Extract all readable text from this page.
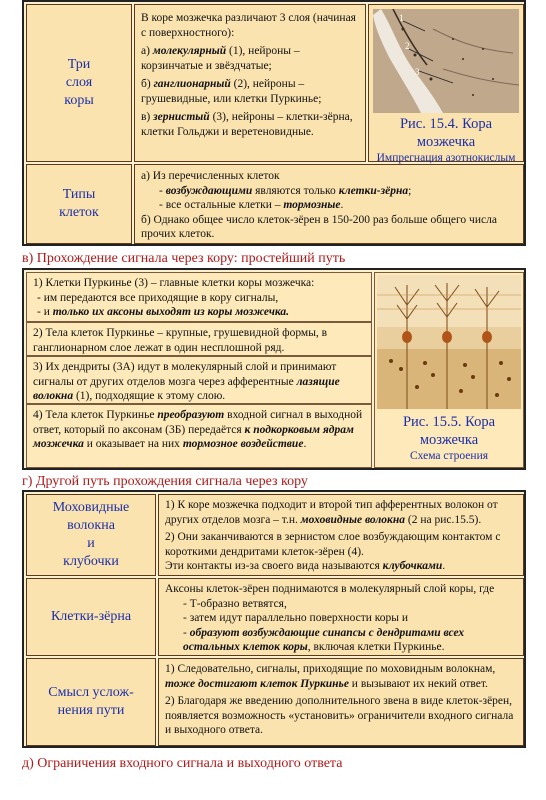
Три
слоя
коры

В коре мозжечка различают 3 слоя (начиная с поверхностного):

а) молекулярный (1), нейроны – корзинчатые и звёздчатые;

б) ганглионарный (2), нейроны – грушевидные, или клетки Пуркинье;

в) зернистый (3), нейроны – клетки-зёрна, клетки Гольджи и веретеновидные.

1
2
3
Рис. 15.4. Кора мозжечка
Импрегнация азотнокислым
Типы
клеток

а) Из перечисленных клеток

- возбуждающими являются только клетки-зёрна;

- все остальные клетки – тормозные.

б) Однако общее число клеток-зёрен в 150-200 раз больше общего числа прочих клеток.

в) Прохождение сигнала через кору: простейший путь

1) Клетки Пуркинье (3) – главные клетки коры мозжечка:

- им передаются все приходящие в кору сигналы,

- и только их аксоны выходят из коры мозжечка.

2) Тела клеток Пуркинье – крупные, грушевидной формы, в ганглионарном слое лежат в один несплошной ряд.
3) Их дендриты (3А) идут в молекулярный слой и принимают сигналы от других отделов мозга через афферентные лазящие волокна (1), подходящие к этому слою.
4) Тела клеток Пуркинье преобразуют входной сигнал в выходной ответ, который по аксонам (3Б) передаётся к подкорковым ядрам мозжечка и оказывает на них тормозное воздействие.
Рис. 15.5. Кора мозжечка
Схема строения
г) Другой путь прохождения сигнала через кору
Моховидные
волокна
и
клубочки

1) К коре мозжечка подходит и второй тип афферентных волокон от других отделов мозга – т.н. моховидные волокна (2 на рис.15.5).

2) Они заканчиваются в зернистом слое возбуждающим контактом с короткими дендритами клеток-зёрен (4).

Эти контакты из-за своего вида называются клубочками.

Клетки-зёрна

Аксоны клеток-зёрен поднимаются в молекулярный слой коры, где

- Т-образно ветвятся,

- затем идут параллельно поверхности коры и

- образуют возбуждающие синапсы с дендритами всех остальных клеток коры, включая клетки Пуркинье.

Смысл услож-
нения пути

1) Следовательно, сигналы, приходящие по моховидным волокнам, тоже достигают клеток Пуркинье и вызывают их некий ответ.

2) Благодаря же введению дополнительного звена в виде клеток-зёрен, появляется возможность «установить» ограничители входного сигнала и выходного ответа.

д) Ограничения входного сигнала и выходного ответа
